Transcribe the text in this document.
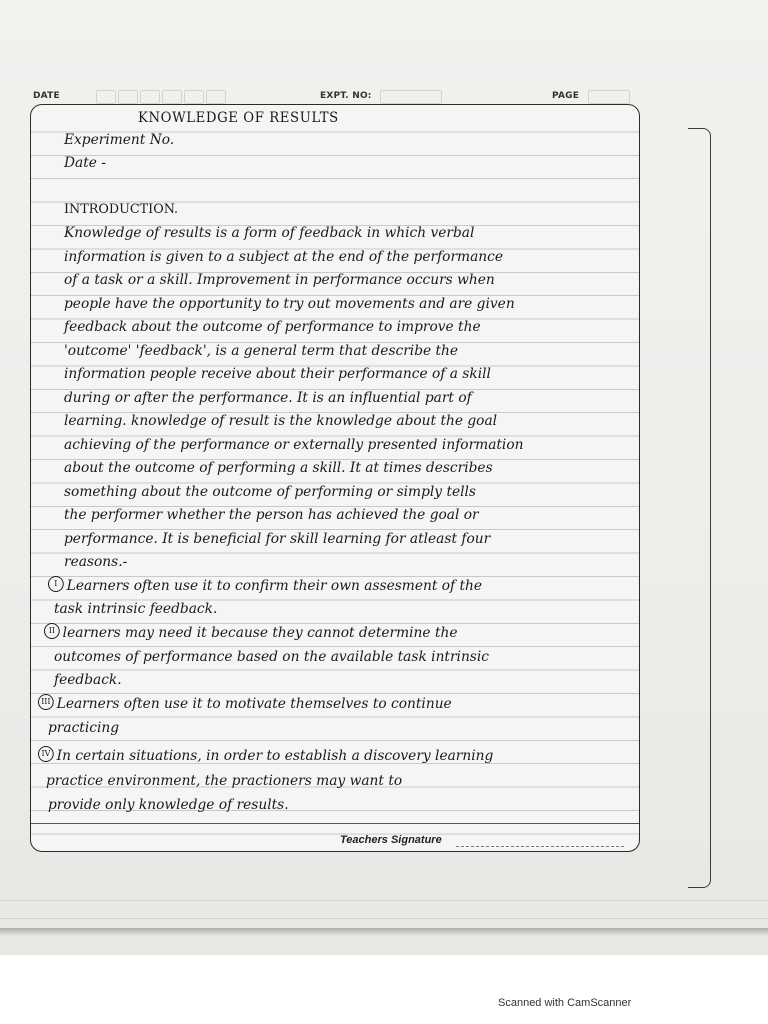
DATE	EXPT. NO:	PAGE
KNOWLEDGE OF RESULTS
Experiment No.
Date -
INTRODUCTION.
Knowledge of results is a form of feedback in which verbal
information is given to a subject at the end of the performance
of a task or a skill. Improvement in performance occurs when
people have the opportunity to try out movements and are given
feedback about the outcome of performance to improve the
'outcome' 'feedback', is a general term that describe the
information people receive about their performance of a skill
during or after the performance. It is an influential part of
learning. knowledge of result is the knowledge about the goal
achieving of the performance or externally presented information
about the outcome of performing a skill. It at times describes
something about the outcome of performing or simply tells
the performer whether the person has achieved the goal or
performance. It is beneficial for skill learning for atleast four
reasons.-
I Learners often use it to confirm their own assesment of the
task intrinsic feedback.
II learners may need it because they cannot determine the
outcomes of performance based on the available task intrinsic
feedback.
III Learners often use it to motivate themselves to continue
practicing
IV In certain situations, in order to establish a discovery learning
practice environment, the practioners may want to
provide only knowledge of results.
Teachers Signature
Scanned with CamScanner
